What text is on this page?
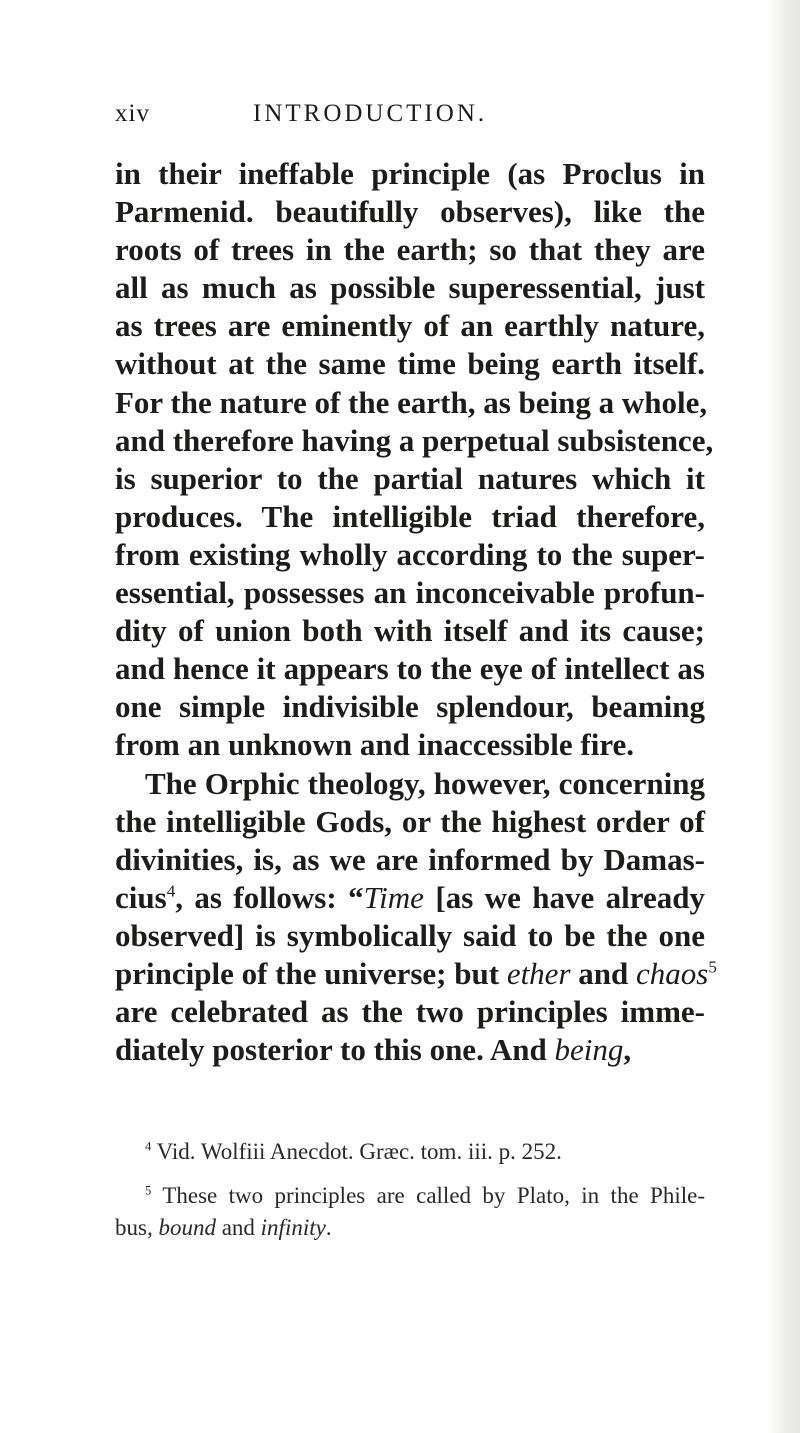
xiv	INTRODUCTION.
in their ineffable principle (as Proclus in
Parmenid. beautifully observes), like the
roots of trees in the earth; so that they are
all as much as possible superessential, just
as trees are eminently of an earthly nature,
without at the same time being earth itself.
For the nature of the earth, as being a whole,
and therefore having a perpetual subsistence,
is superior to the partial natures which it
produces. The intelligible triad therefore,
from existing wholly according to the super-
essential, possesses an inconceivable profun-
dity of union both with itself and its cause;
and hence it appears to the eye of intellect as
one simple indivisible splendour, beaming
from an unknown and inaccessible fire.
The Orphic theology, however, concerning
the intelligible Gods, or the highest order of
divinities, is, as we are informed by Damas-
cius$^4$, as follows: “Time [as we have already
observed] is symbolically said to be the one
principle of the universe; but ether and chaos$^5$
are celebrated as the two principles imme-
diately posterior to this one. And being,
$^4$ Vid. Wolfiii Anecdot. Græc. tom. iii. p. 252.
$^5$ These two principles are called by Plato, in the Phile-
bus, bound and infinity.
